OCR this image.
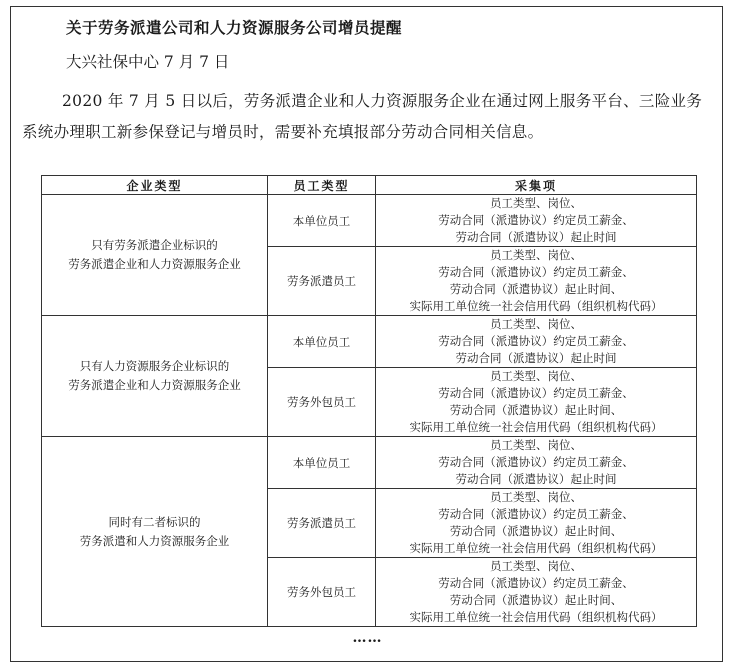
关于劳务派遣公司和人力资源服务公司增员提醒
大兴社保中心 7 月 7 日
2020 年 7 月 5 日以后，劳务派遣企业和人力资源服务企业在通过网上服务平台、三险业务系统办理职工新参保登记与增员时，需要补充填报部分劳动合同相关信息。
企业类型	员工类型	采集项

只有劳务派遣企业标识的
劳务派遣企业和人力资源服务企业	本单位员工	员工类型、岗位、
劳动合同（派遣协议）约定员工薪金、
劳动合同（派遣协议）起止时间

	劳务派遣员工	员工类型、岗位、
劳动合同（派遣协议）约定员工薪金、
劳动合同（派遣协议）起止时间、
实际用工单位统一社会信用代码（组织机构代码）

只有人力资源服务企业标识的
劳务派遣企业和人力资源服务企业	本单位员工	员工类型、岗位、
劳动合同（派遣协议）约定员工薪金、
劳动合同（派遣协议）起止时间

	劳务外包员工	员工类型、岗位、
劳动合同（派遣协议）约定员工薪金、
劳动合同（派遣协议）起止时间、
实际用工单位统一社会信用代码（组织机构代码）

同时有二者标识的
劳务派遣和人力资源服务企业	本单位员工	员工类型、岗位、
劳动合同（派遣协议）约定员工薪金、
劳动合同（派遣协议）起止时间

	劳务派遣员工	员工类型、岗位、
劳动合同（派遣协议）约定员工薪金、
劳动合同（派遣协议）起止时间、
实际用工单位统一社会信用代码（组织机构代码）

	劳务外包员工	员工类型、岗位、
劳动合同（派遣协议）约定员工薪金、
劳动合同（派遣协议）起止时间、
实际用工单位统一社会信用代码（组织机构代码）
……
